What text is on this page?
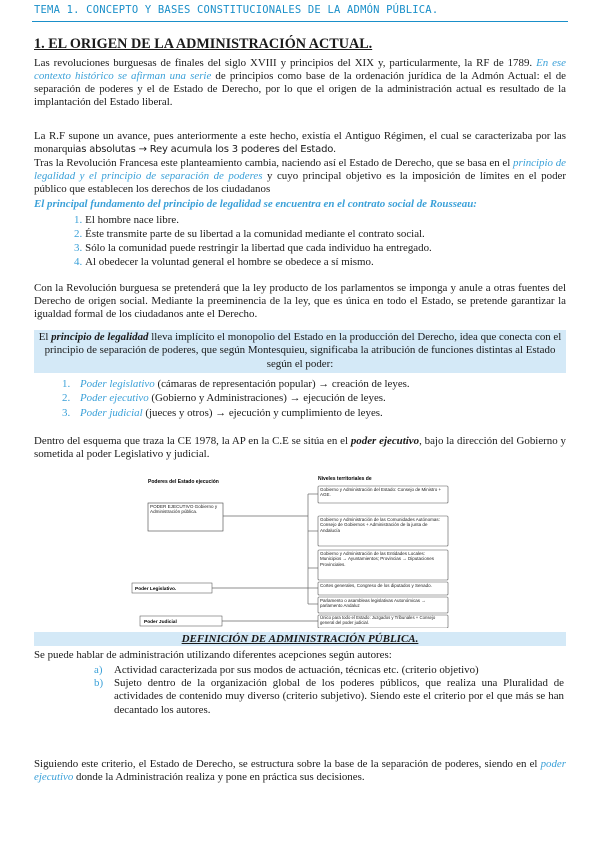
TEMA 1. CONCEPTO Y BASES CONSTITUCIONALES DE LA ADMÓN PÚBLICA.
1. EL ORIGEN DE LA ADMINISTRACIÓN ACTUAL.

Las revoluciones burguesas de finales del siglo XVIII y principios del XIX y, particularmente, la RF de 1789. En ese contexto histórico se afirman una serie de principios como base de la ordenación jurídica de la Admón Actual: el de separación de poderes y el de Estado de Derecho, por lo que el origen de la administración actual es resultado de la implantación del Estado liberal.

La R.F supone un avance, pues anteriormente a este hecho, existía el Antiguo Régimen, el cual se caracterizaba por las monarquias absolutas → Rey acumula los 3 poderes del Estado.

Tras la Revolución Francesa este planteamiento cambia, naciendo así el Estado de Derecho, que se basa en el principio de legalidad y el principio de separación de poderes y cuyo principal objetivo es la imposición de límites en el poder público que establecen los derechos de los ciudadanos

El principal fundamento del principio de legalidad se encuentra en el contrato social de Rousseau:

1. El hombre nace libre.
2. Éste transmite parte de su libertad a la comunidad mediante el contrato social.
3. Sólo la comunidad puede restringir la libertad que cada individuo ha entregado.
4. Al obedecer la voluntad general el hombre se obedece a sí mismo.

Con la Revolución burguesa se pretenderá que la ley producto de los parlamentos se imponga y anule a otras fuentes del Derecho de origen social. Mediante la preeminencia de la ley, que es única en todo el Estado, se pretende garantizar la igualdad formal de los ciudadanos ante el Derecho.

El principio de legalidad lleva implícito el monopolio del Estado en la producción del Derecho, idea que conecta con el principio de separación de poderes, que según Montesquieu, significaba la atribución de funciones distintas al Estado según el poder:
1. Poder legislativo (cámaras de representación popular) → creación de leyes.
2. Poder ejecutivo (Gobierno y Administraciones) → ejecución de leyes.
3. Poder judicial (jueces y otros) → ejecución y cumplimiento de leyes.

Dentro del esquema que traza la CE 1978, la AP en la C.E se sitúa en el poder ejecutivo, bajo la dirección del Gobierno y sometida al poder Legislativo y judicial.

Poderes del Estado ejecución	Niveles territoriales de
PODER EJECUTIVO Gobierno y Administración pública.
Poder Legislativo.
Poder Judicial
Gobierno y Administración del Estado: Consejo de Ministro + AGE.
Gobierno y Administración de las Comunidades Autónomas: Consejo de Gobiernos + Administración de la junta de Andalucía
Gobierno y Administración de las Entidades Locales: Municipios → Ayuntamientos; Provincias → Diputaciones Provinciales.
Cortes generales, Congreso de los diputados y Senado.
Parlamento o asambleas legislativas Autonómicas → parlamento Andaluz
Único para todo el Estado: Juzgados y Tribunales + Consejo general del poder judicial.
DEFINICIÓN DE ADMINISTRACIÓN PÚBLICA.

Se puede hablar de administración utilizando diferentes acepciones según autores:

a) Actividad caracterizada por sus modos de actuación, técnicas etc. (criterio objetivo)
b) Sujeto dentro de la organización global de los poderes públicos, que realiza una Pluralidad de actividades de contenido muy diverso (criterio subjetivo). Siendo este el criterio por el que más se han decantado los autores.

Siguiendo este criterio, el Estado de Derecho, se estructura sobre la base de la separación de poderes, siendo en el poder ejecutivo donde la Administración realiza y pone en práctica sus decisiones.
